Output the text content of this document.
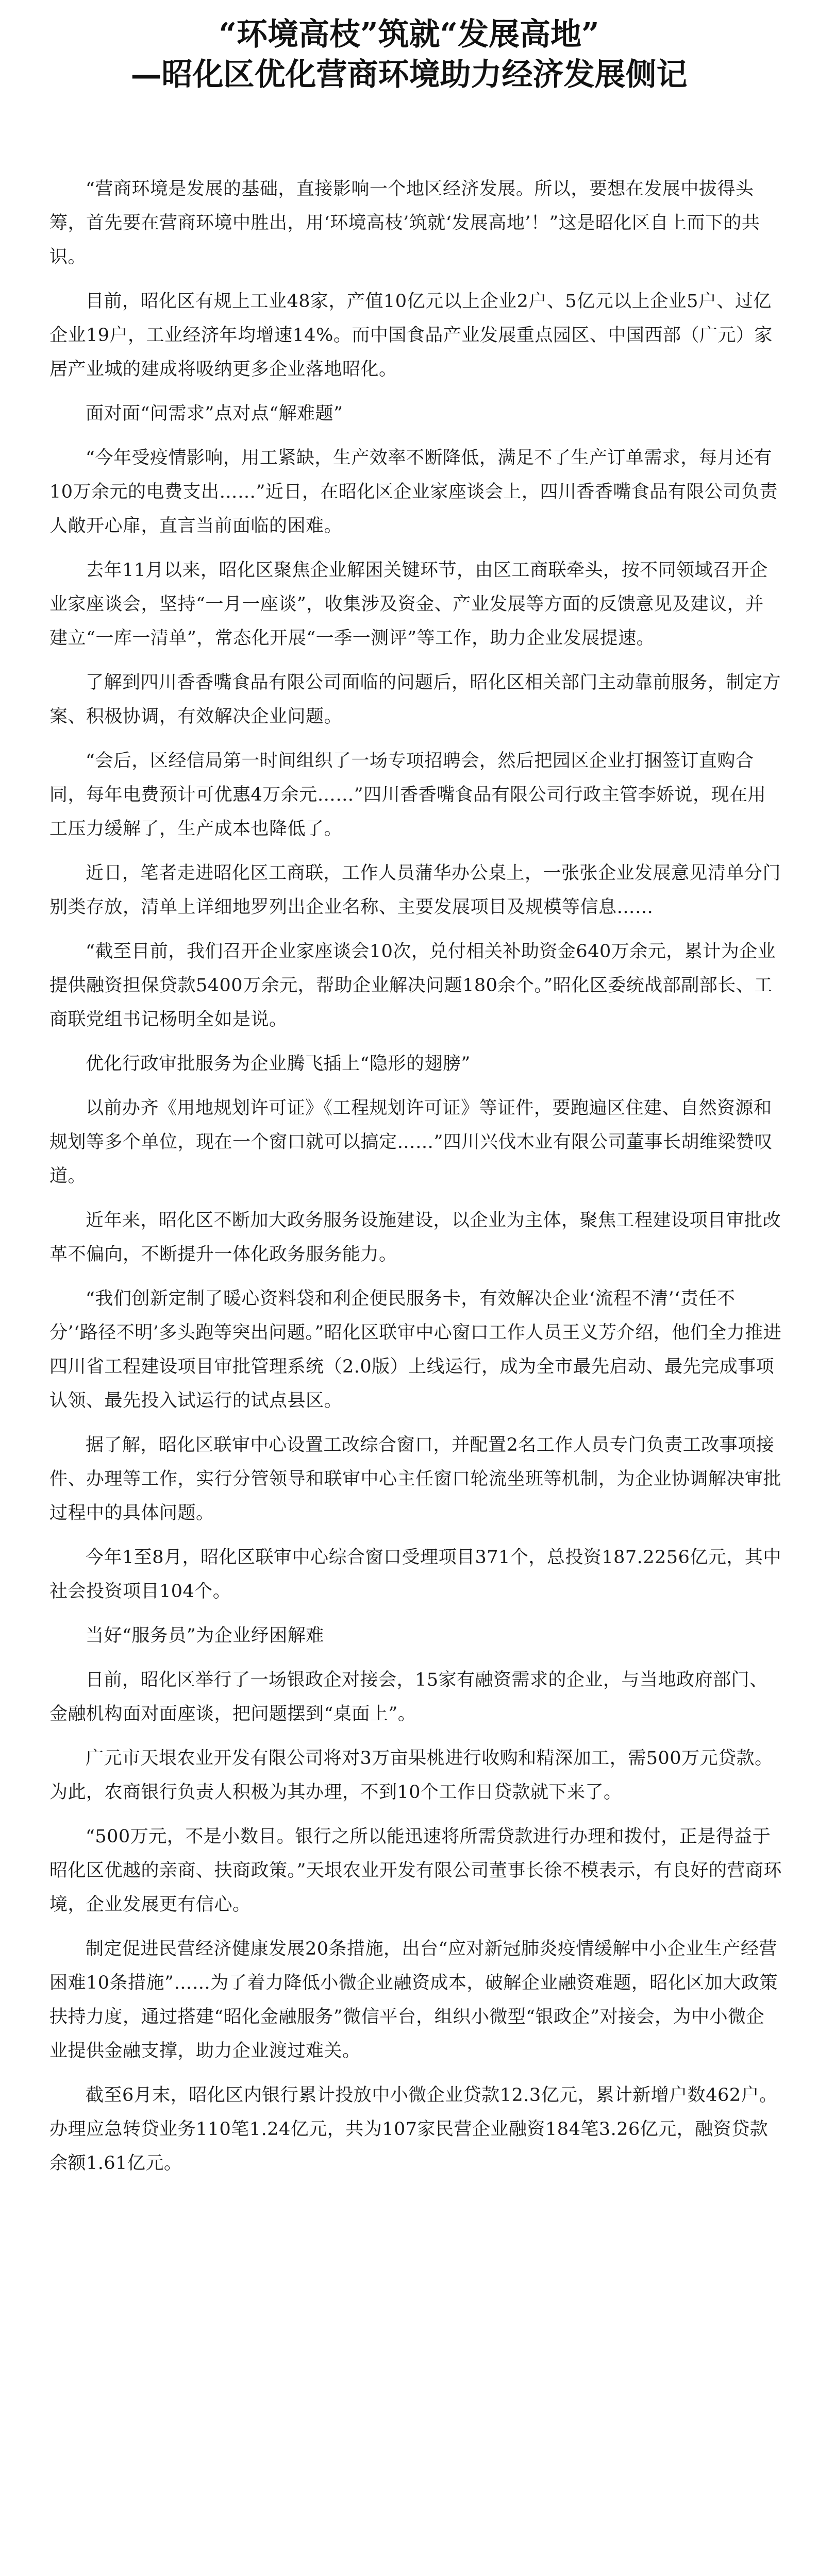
“环境高枝”筑就“发展高地”

—昭化区优化营商环境助力经济发展侧记

“营商环境是发展的基础，直接影响一个地区经济发展。所以，要想在发展中拔得头筹，首先要在营商环境中胜出，用‘环境高枝’筑就‘发展高地’！”这是昭化区自上而下的共识。

目前，昭化区有规上工业48家，产值10亿元以上企业2户、5亿元以上企业5户、过亿企业19户，工业经济年均增速14%。而中国食品产业发展重点园区、中国西部（广元）家居产业城的建成将吸纳更多企业落地昭化。

面对面“问需求”点对点“解难题”

“今年受疫情影响，用工紧缺，生产效率不断降低，满足不了生产订单需求，每月还有10万余元的电费支出……”近日，在昭化区企业家座谈会上，四川香香嘴食品有限公司负责人敞开心扉，直言当前面临的困难。

去年11月以来，昭化区聚焦企业解困关键环节，由区工商联牵头，按不同领域召开企业家座谈会，坚持“一月一座谈”，收集涉及资金、产业发展等方面的反馈意见及建议，并建立“一库一清单”，常态化开展“一季一测评”等工作，助力企业发展提速。

了解到四川香香嘴食品有限公司面临的问题后，昭化区相关部门主动靠前服务，制定方案、积极协调，有效解决企业问题。

“会后，区经信局第一时间组织了一场专项招聘会，然后把园区企业打捆签订直购合同，每年电费预计可优惠4万余元……”四川香香嘴食品有限公司行政主管李娇说，现在用工压力缓解了，生产成本也降低了。

近日，笔者走进昭化区工商联，工作人员蒲华办公桌上，一张张企业发展意见清单分门别类存放，清单上详细地罗列出企业名称、主要发展项目及规模等信息……

“截至目前，我们召开企业家座谈会10次，兑付相关补助资金640万余元，累计为企业提供融资担保贷款5400万余元，帮助企业解决问题180余个。”昭化区委统战部副部长、工商联党组书记杨明全如是说。

优化行政审批服务为企业腾飞插上“隐形的翅膀”

以前办齐《用地规划许可证》《工程规划许可证》等证件，要跑遍区住建、自然资源和规划等多个单位，现在一个窗口就可以搞定……”四川兴伐木业有限公司董事长胡维梁赞叹道。

近年来，昭化区不断加大政务服务设施建设，以企业为主体，聚焦工程建设项目审批改革不偏向，不断提升一体化政务服务能力。

“我们创新定制了暖心资料袋和利企便民服务卡，有效解决企业‘流程不清’‘责任不分’‘路径不明’多头跑等突出问题。”昭化区联审中心窗口工作人员王义芳介绍，他们全力推进四川省工程建设项目审批管理系统（2.0版）上线运行，成为全市最先启动、最先完成事项认领、最先投入试运行的试点县区。

据了解，昭化区联审中心设置工改综合窗口，并配置2名工作人员专门负责工改事项接件、办理等工作，实行分管领导和联审中心主任窗口轮流坐班等机制，为企业协调解决审批过程中的具体问题。

今年1至8月，昭化区联审中心综合窗口受理项目371个，总投资187.2256亿元，其中社会投资项目104个。

当好“服务员”为企业纾困解难

日前，昭化区举行了一场银政企对接会，15家有融资需求的企业，与当地政府部门、金融机构面对面座谈，把问题摆到“桌面上”。

广元市天垠农业开发有限公司将对3万亩果桃进行收购和精深加工，需500万元贷款。为此，农商银行负责人积极为其办理，不到10个工作日贷款就下来了。

“500万元，不是小数目。银行之所以能迅速将所需贷款进行办理和拨付，正是得益于昭化区优越的亲商、扶商政策。”天垠农业开发有限公司董事长徐不模表示，有良好的营商环境，企业发展更有信心。

制定促进民营经济健康发展20条措施，出台“应对新冠肺炎疫情缓解中小企业生产经营困难10条措施”……为了着力降低小微企业融资成本，破解企业融资难题，昭化区加大政策扶持力度，通过搭建“昭化金融服务”微信平台，组织小微型“银政企”对接会，为中小微企业提供金融支撑，助力企业渡过难关。

截至6月末，昭化区内银行累计投放中小微企业贷款12.3亿元，累计新增户数462户。办理应急转贷业务110笔1.24亿元，共为107家民营企业融资184笔3.26亿元，融资贷款余额1.61亿元。
